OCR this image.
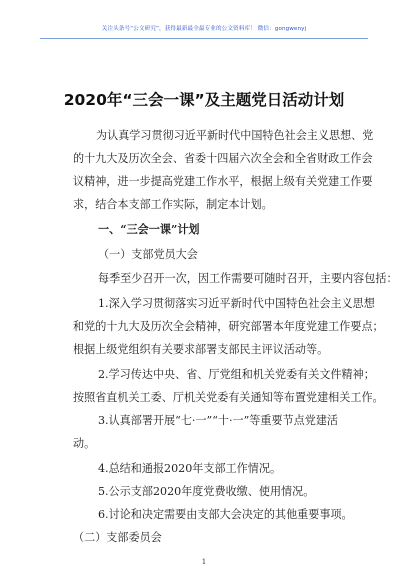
关注头条号“公文研究”，获得最新最全最专业的公文资料库！ 微信：gongwenyj
2020年“三会一课”及主题党日活动计划
为认真学习贯彻习近平新时代中国特色社会主义思想、党
的十九大及历次全会、省委十四届六次全会和全省财政工作会
议精神，进一步提高党建工作水平，根据上级有关党建工作要
求，结合本支部工作实际，制定本计划。
一、“三会一课”计划
（一）支部党员大会
每季至少召开一次，因工作需要可随时召开，主要内容包括：
1.深入学习贯彻落实习近平新时代中国特色社会主义思想
和党的十九大及历次全会精神，研究部署本年度党建工作要点；
根据上级党组织有关要求部署支部民主评议活动等。
2.学习传达中央、省、厅党组和机关党委有关文件精神；
按照省直机关工委、厅机关党委有关通知等布置党建相关工作。
3.认真部署开展“七·一”“十·一”等重要节点党建活
动。
4.总结和通报2020年支部工作情况。
5.公示支部2020年度党费收缴、使用情况。
6.讨论和决定需要由支部大会决定的其他重要事项。
（二）支部委员会
1
